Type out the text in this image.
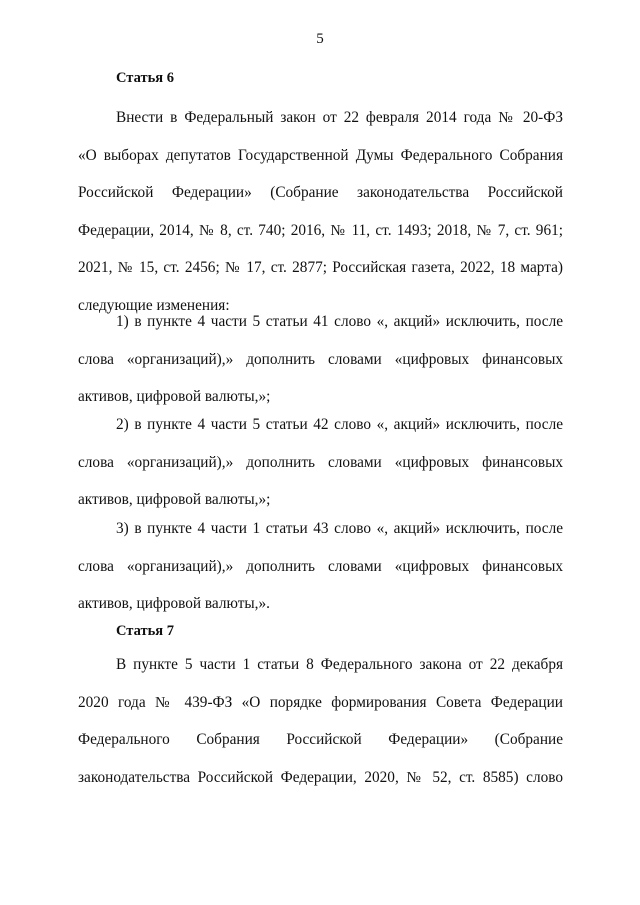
5
Статья 6
Внести в Федеральный закон от 22 февраля 2014 года № 20-ФЗ
«О выборах депутатов Государственной Думы Федерального Собрания
Российской Федерации» (Собрание законодательства Российской
Федерации, 2014, № 8, ст. 740; 2016, № 11, ст. 1493; 2018, № 7, ст. 961;
2021, № 15, ст. 2456; № 17, ст. 2877; Российская газета, 2022, 18 марта)
следующие изменения:
1) в пункте 4 части 5 статьи 41 слово «, акций» исключить, после
слова «организаций),» дополнить словами «цифровых финансовых
активов, цифровой валюты,»;
2) в пункте 4 части 5 статьи 42 слово «, акций» исключить, после
слова «организаций),» дополнить словами «цифровых финансовых
активов, цифровой валюты,»;
3) в пункте 4 части 1 статьи 43 слово «, акций» исключить, после
слова «организаций),» дополнить словами «цифровых финансовых
активов, цифровой валюты,».
Статья 7
В пункте 5 части 1 статьи 8 Федерального закона от 22 декабря
2020 года № 439-ФЗ «О порядке формирования Совета Федерации
Федерального Собрания Российской Федерации» (Собрание
законодательства Российской Федерации, 2020, № 52, ст. 8585) слово
